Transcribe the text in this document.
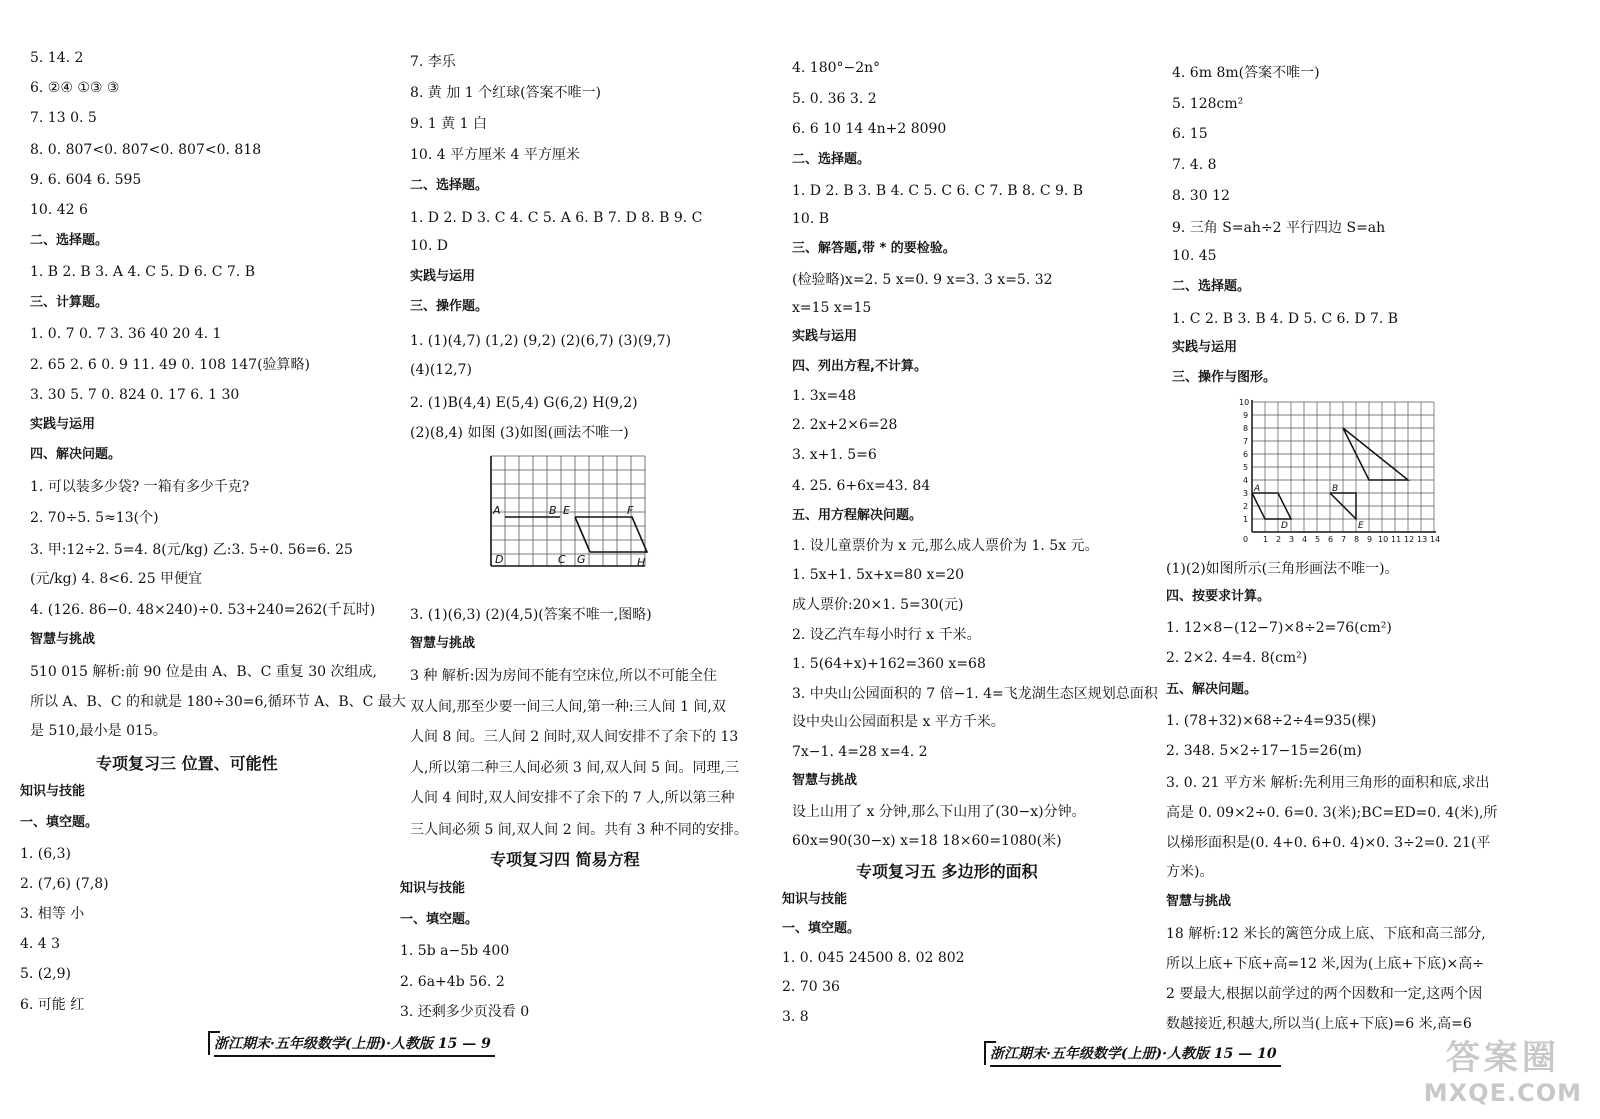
5. 14. 2
6. ②④ ①③ ③
7. 13 0. 5
8. 0. 8̇07̇<0. 80̇7̇<0. 8̇07̇<0. 818
9. 6. 604 6. 595
10. 42 6
二、选择题。
1. B 2. B 3. A 4. C 5. D 6. C 7. B
三、计算题。
1. 0. 7 0. 7 3. 36 40 20 4. 1
2. 65 2. 6̇ 0. 9 11. 49 0. 108 147(验算略)
3. 30 5. 7 0. 824 0. 17 6. 1 30
实践与运用
四、解决问题。
1. 可以装多少袋? 一箱有多少千克?
2. 70÷5. 5≈13(个)
3. 甲:12÷2. 5=4. 8(元/kg) 乙:3. 5÷0. 56=6. 25
(元/kg) 4. 8<6. 25 甲便宜
4. (126. 86−0. 48×240)÷0. 53+240=262(千瓦时)
智慧与挑战
510 015 解析:前 90 位是由 A、B、C 重复 30 次组成,
所以 A、B、C 的和就是 180÷30=6,循环节 A、B、C 最大
是 510,最小是 015。
专项复习三 位置、可能性
知识与技能
一、填空题。
1. (6,3)
2. (7,6) (7,8)
3. 相等 小
4. 4 3
5. (2,9)
6. 可能 红
7. 李乐
8. 黄 加 1 个红球(答案不唯一)
9. 1 黄 1 白
10. 4 平方厘米 4 平方厘米
二、选择题。
1. D 2. D 3. C 4. C 5. A 6. B 7. D 8. B 9. C
10. D
实践与运用
三、操作题。
1. (1)(4,7) (1,2) (9,2) (2)(6,7) (3)(9,7)
(4)(12,7)
2. (1)B(4,4) E(5,4) G(6,2) H(9,2)
(2)(8,4) 如图 (3)如图(画法不唯一)
3. (1)(6,3) (2)(4,5)(答案不唯一,图略)
智慧与挑战
3 种 解析:因为房间不能有空床位,所以不可能全住
双人间,那至少要一间三人间,第一种:三人间 1 间,双
人间 8 间。三人间 2 间时,双人间安排不了余下的 13
人,所以第二种三人间必须 3 间,双人间 5 间。同理,三
人间 4 间时,双人间安排不了余下的 7 人,所以第三种
三人间必须 5 间,双人间 2 间。共有 3 种不同的安排。
专项复习四 简易方程
知识与技能
一、填空题。
1. 5b a−5b 400
2. 6a+4b 56. 2
3. 还剩多少页没看 0
A	B E	F
D	C G	H
4. 180°−2n°
5. 0. 36 3. 2
6. 6 10 14 4n+2 8090
二、选择题。
1. D 2. B 3. B 4. C 5. C 6. C 7. B 8. C 9. B
10. B
三、解答题,带 * 的要检验。
(检验略)x=2. 5 x=0. 9 x=3. 3 x=5. 32
x=15 x=15
实践与运用
四、列出方程,不计算。
1. 3x=48
2. 2x+2×6=28
3. x+1. 5=6
4. 25. 6+6x=43. 84
五、用方程解决问题。
1. 设儿童票价为 x 元,那么成人票价为 1. 5x 元。
1. 5x+1. 5x+x=80 x=20
成人票价:20×1. 5=30(元)
2. 设乙汽车每小时行 x 千米。
1. 5(64+x)+162=360 x=68
3. 中央山公园面积的 7 倍−1. 4=飞龙湖生态区规划总面积
设中央山公园面积是 x 平方千米。
7x−1. 4=28 x=4. 2
智慧与挑战
设上山用了 x 分钟,那么下山用了(30−x)分钟。
60x=90(30−x) x=18 18×60=1080(米)
专项复习五 多边形的面积
知识与技能
一、填空题。
1. 0. 045 24500 8. 02 802
2. 70 36
3. 8
4. 6m 8m(答案不唯一)
5. 128cm²
6. 15
7. 4. 8
8. 30 12
9. 三角 S=ah÷2 平行四边 S=ah
10. 45
二、选择题。
1. C 2. B 3. B 4. D 5. C 6. D 7. B
实践与运用
三、操作与图形。
(1)(2)如图所示(三角形画法不唯一)。
四、按要求计算。
1. 12×8−(12−7)×8÷2=76(cm²)
2. 2×2. 4=4. 8(cm²)
五、解决问题。
1. (78+32)×68÷2÷4=935(棵)
2. 348. 5×2÷17−15=26(m)
3. 0. 21 平方米 解析:先利用三角形的面积和底,求出
高是 0. 09×2÷0. 6=0. 3(米);BC=ED=0. 4(米),所
以梯形面积是(0. 4+0. 6+0. 4)×0. 3÷2=0. 21(平
方米)。
智慧与挑战
18 解析:12 米长的篱笆分成上底、下底和高三部分,
所以上底+下底+高=12 米,因为(上底+下底)×高÷
2 要最大,根据以前学过的两个因数和一定,这两个因
数越接近,积越大,所以当(上底+下底)=6 米,高=6
10
9
8
7
6
5
4
3
2
1
0 1 2 3 4 5 6 7 8 9 10 11 12 13 14
A	B
D	E
浙江期末·五年级数学(上册)·人教版 15 — 9
浙江期末·五年级数学(上册)·人教版 15 — 10	答案圈
MXQE.COM
